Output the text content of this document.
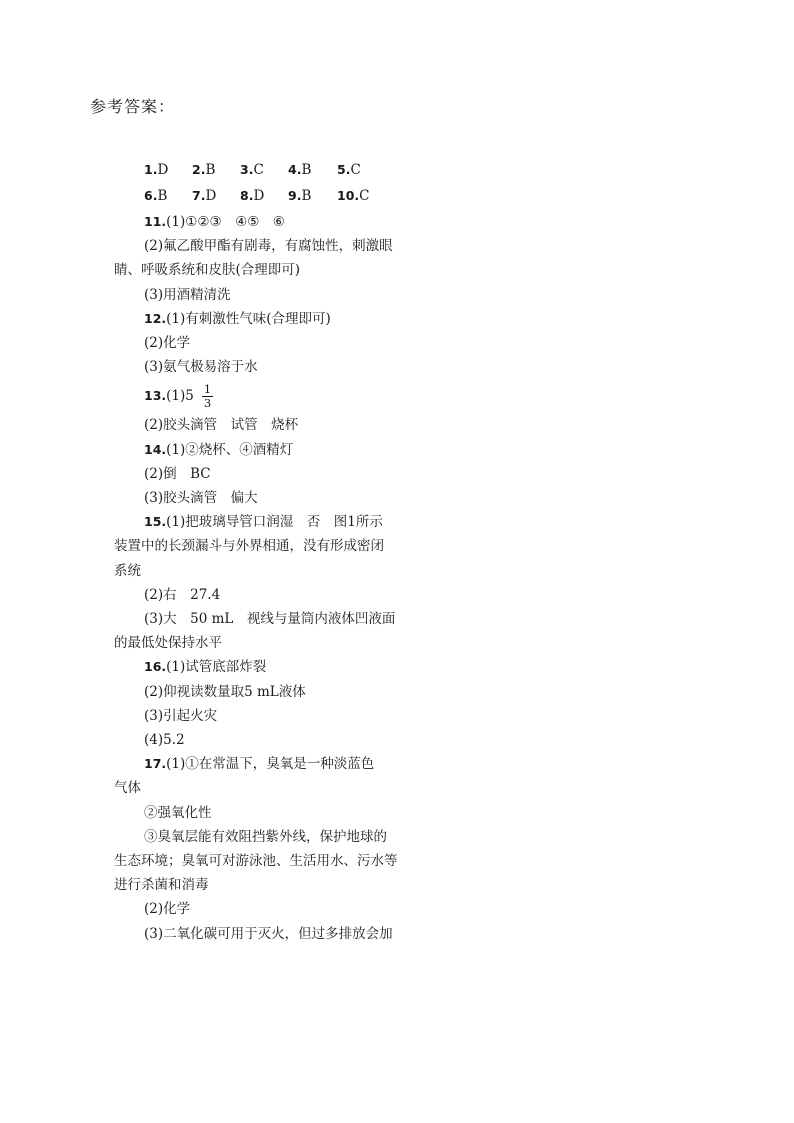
参考答案：
1.D 2.B 3.C 4.B 5.C
6.B 7.D 8.D 9.B 10.C
11.(1)①②③　④⑤　⑥
(2)氟乙酸甲酯有剧毒，有腐蚀性，刺激眼
睛、呼吸系统和皮肤(合理即可)
(3)用酒精清洗
12.(1)有刺激性气味(合理即可)
(2)化学
(3)氨气极易溶于水
$13.(1)5 \frac{1}{3}$
(2)胶头滴管　试管　烧杯
14.(1)②烧杯、④酒精灯
(2)倒　BC
(3)胶头滴管　偏大
15.(1)把玻璃导管口润湿　否　图1所示
装置中的长颈漏斗与外界相通，没有形成密闭
系统
(2)右　27.4
(3)大　50 mL　视线与量筒内液体凹液面
的最低处保持水平
16.(1)试管底部炸裂
(2)仰视读数量取5 mL液体
(3)引起火灾
(4)5.2
17.(1)①在常温下，臭氧是一种淡蓝色
气体
②强氧化性
③臭氧层能有效阻挡紫外线，保护地球的
生态环境；臭氧可对游泳池、生活用水、污水等
进行杀菌和消毒
(2)化学
(3)二氧化碳可用于灭火，但过多排放会加
